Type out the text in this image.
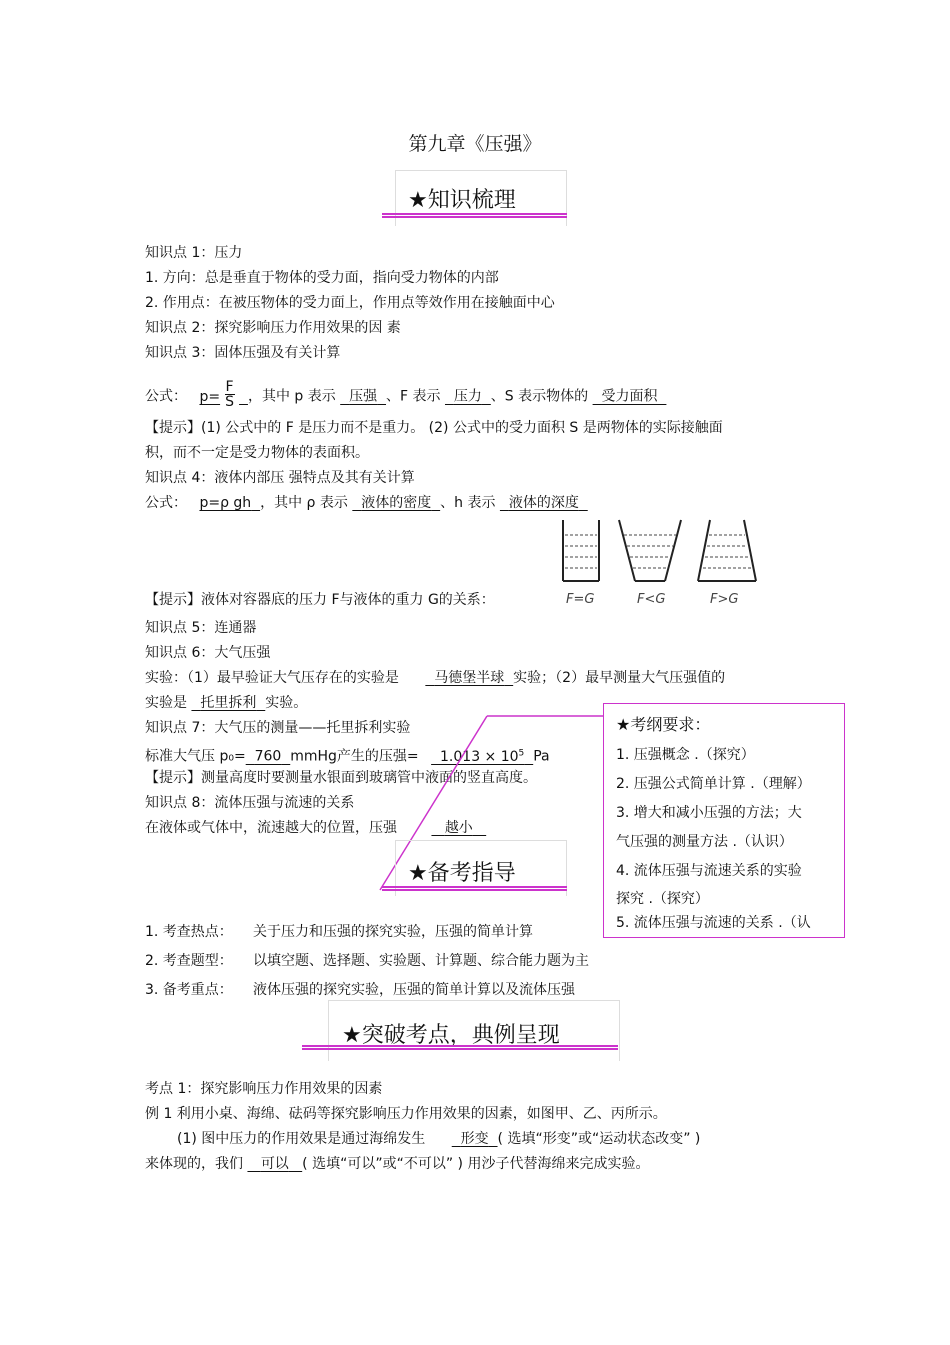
第九章《压强》
★知识梳理
知识点 1：压力
1. 方向：总是垂直于物体的受力面，指向受力物体的内部
2. 作用点：在被压物体的受力面上，作用点等效作用在接触面中心
知识点 2：探究影响压力作用效果的因 素
知识点 3：固体压强及有关计算
公式： $p= \frac{F}{S}$ ，其中 p 表示 压强 、F 表示 压力 、S 表示物体的 受力面积
【提示】(1) 公式中的 F 是压力而不是重力。 (2) 公式中的受力面积 S 是两物体的实际接触面
积，而不一定是受力物体的表面积。
知识点 4：液体内部压 强特点及其有关计算
公式： p=ρ gh ，其中 ρ 表示 液体的密度 、h 表示 液体的深度
【提示】液体对容器底的压力 F与液体的重力 G的关系：	F=G	F<G	F>G
知识点 5：连通器
知识点 6：大气压强
实验：（1）最早验证大气压存在的实验是	马德堡半球 实验；（2）最早测量大气压强值的
实验是 托里拆利 实验。
知识点 7：大气压的测量——托里拆利实验
标准大气压 p₀= 760 mmHg产生的压强= $1.013 \times 10^5$ Pa
【提示】测量高度时要测量水银面到玻璃管中液面的竖直高度。
知识点 8：流体压强与流速的关系
在液体或气体中，流速越大的位置，压强	越小
★考纲要求：
1. 压强概念 .（探究）
2. 压强公式简单计算 .（理解）
3. 增大和减小压强的方法；大
气压强的测量方法 .（认识）
4. 流体压强与流速关系的实验
探究 .（探究）
5. 流体压强与流速的关系 .（认
★备考指导
1. 考查热点： 关于压力和压强的探究实验，压强的简单计算
2. 考查题型： 以填空题、选择题、实验题、计算题、综合能力题为主
3. 备考重点： 液体压强的探究实验，压强的简单计算以及流体压强
★突破考点，典例呈现
考点 1：探究影响压力作用效果的因素
例 1 利用小桌、海绵、砝码等探究影响压力作用效果的因素，如图甲、乙、丙所示。
(1) 图中压力的作用效果是通过海绵发生	形变 ( 选填“形变”或“运动状态改变” )
来体现的，我们 可以 ( 选填“可以”或“不可以” ) 用沙子代替海绵来完成实验。
